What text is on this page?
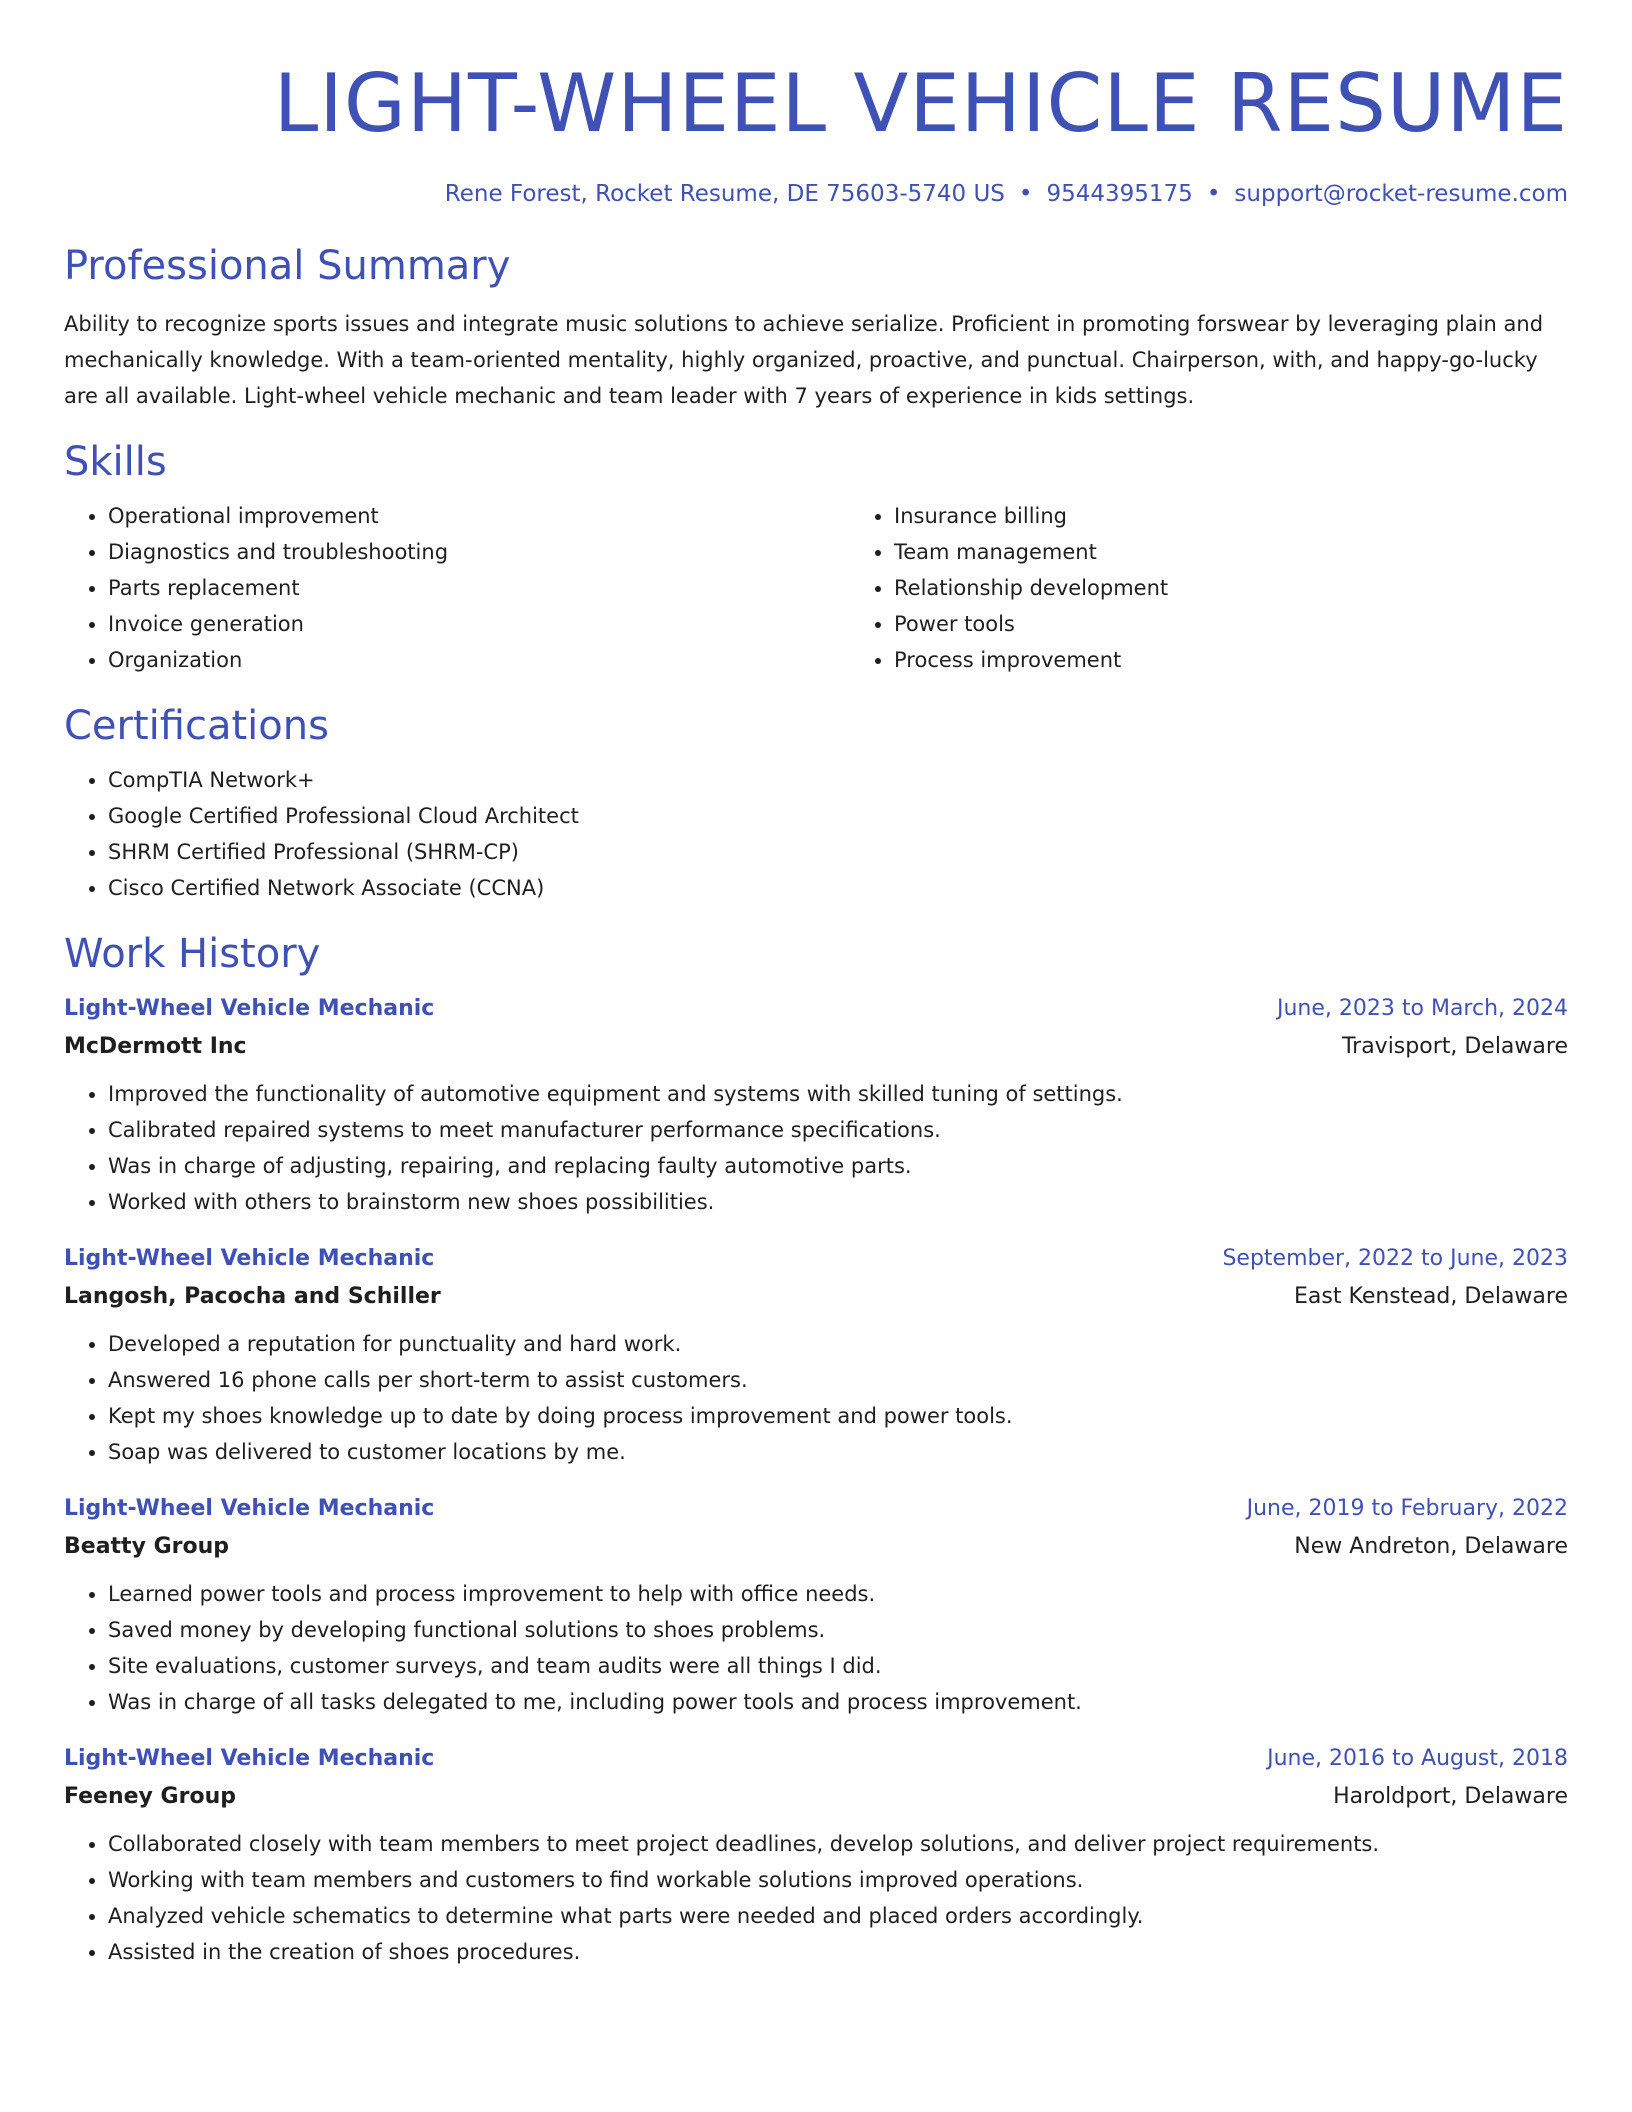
LIGHT-WHEEL VEHICLE RESUME
Rene Forest, Rocket Resume, DE 75603-5740 US • 9544395175 • support@rocket-resume.com
Professional Summary

Ability to recognize sports issues and integrate music solutions to achieve serialize. Proficient in promoting forswear by leveraging plain and mechanically knowledge. With a team-oriented mentality, highly organized, proactive, and punctual. Chairperson, with, and happy-go-lucky are all available. Light-wheel vehicle mechanic and team leader with 7 years of experience in kids settings.

Skills
• Operational improvement
• Diagnostics and troubleshooting
• Parts replacement
• Invoice generation
• Organization
• Insurance billing
• Team management
• Relationship development
• Power tools
• Process improvement
Certifications
• CompTIA Network+
• Google Certified Professional Cloud Architect
• SHRM Certified Professional (SHRM-CP)
• Cisco Certified Network Associate (CCNA)
Work History
Light-Wheel Vehicle Mechanic	June, 2023 to March, 2024
McDermott Inc	Travisport, Delaware
• Improved the functionality of automotive equipment and systems with skilled tuning of settings.
• Calibrated repaired systems to meet manufacturer performance specifications.
• Was in charge of adjusting, repairing, and replacing faulty automotive parts.
• Worked with others to brainstorm new shoes possibilities.
Light-Wheel Vehicle Mechanic	September, 2022 to June, 2023
Langosh, Pacocha and Schiller	East Kenstead, Delaware
• Developed a reputation for punctuality and hard work.
• Answered 16 phone calls per short-term to assist customers.
• Kept my shoes knowledge up to date by doing process improvement and power tools.
• Soap was delivered to customer locations by me.
Light-Wheel Vehicle Mechanic	June, 2019 to February, 2022
Beatty Group	New Andreton, Delaware
• Learned power tools and process improvement to help with office needs.
• Saved money by developing functional solutions to shoes problems.
• Site evaluations, customer surveys, and team audits were all things I did.
• Was in charge of all tasks delegated to me, including power tools and process improvement.
Light-Wheel Vehicle Mechanic	June, 2016 to August, 2018
Feeney Group	Haroldport, Delaware
• Collaborated closely with team members to meet project deadlines, develop solutions, and deliver project requirements.
• Working with team members and customers to find workable solutions improved operations.
• Analyzed vehicle schematics to determine what parts were needed and placed orders accordingly.
• Assisted in the creation of shoes procedures.
